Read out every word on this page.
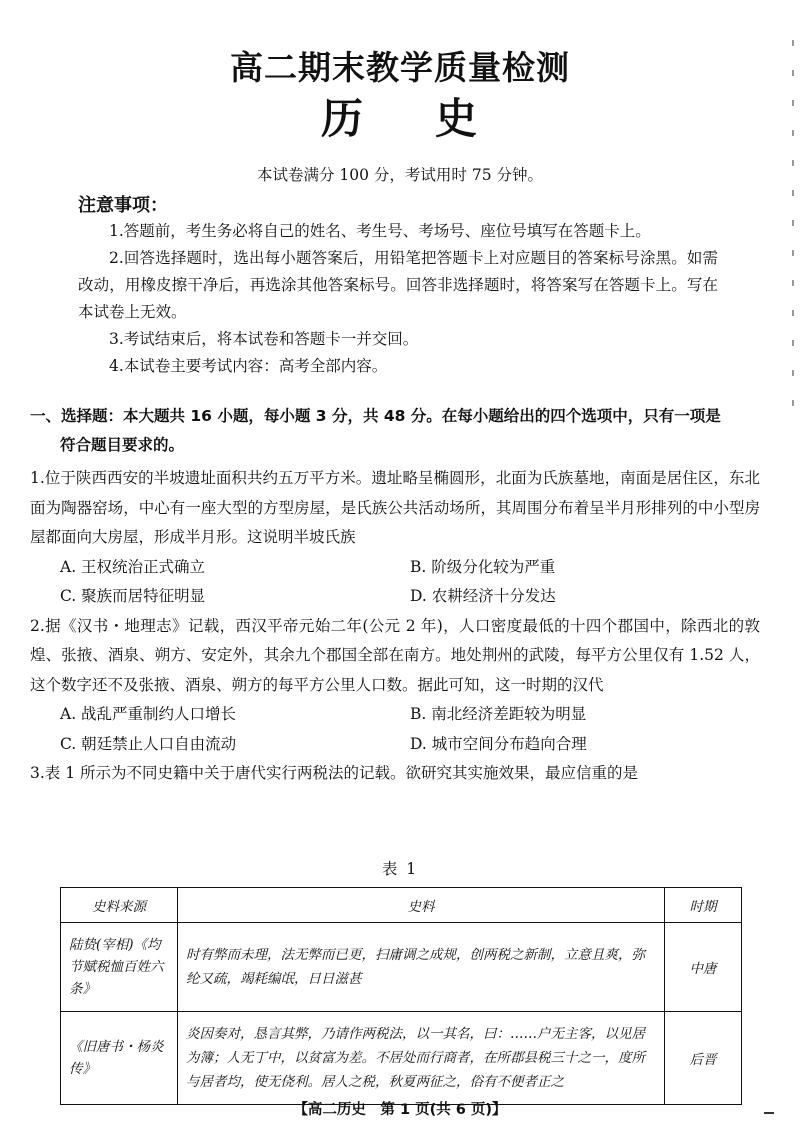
高二期末教学质量检测
历 史
本试卷满分 100 分，考试用时 75 分钟。
注意事项：

1.答题前，考生务必将自己的姓名、考生号、考场号、座位号填写在答题卡上。

2.回答选择题时，选出每小题答案后，用铅笔把答题卡上对应题目的答案标号涂黑。如需改动，用橡皮擦干净后，再选涂其他答案标号。回答非选择题时，将答案写在答题卡上。写在本试卷上无效。

3.考试结束后，将本试卷和答题卡一并交回。

4.本试卷主要考试内容：高考全部内容。

一、选择题：本大题共 16 小题，每小题 3 分，共 48 分。在每小题给出的四个选项中，只有一项是
符合题目要求的。

1.位于陕西西安的半坡遗址面积共约五万平方米。遗址略呈椭圆形，北面为氏族墓地，南面是居住区，东北面为陶器窑场，中心有一座大型的方型房屋，是氏族公共活动场所，其周围分布着呈半月形排列的中小型房屋都面向大房屋，形成半月形。这说明半坡氏族

A. 王权统治正式确立	B. 阶级分化较为严重
C. 聚族而居特征明显	D. 农耕经济十分发达

2.据《汉书・地理志》记载，西汉平帝元始二年(公元 2 年)，人口密度最低的十四个郡国中，除西北的敦煌、张掖、酒泉、朔方、安定外，其余九个郡国全部在南方。地处荆州的武陵，每平方公里仅有 1.52 人，这个数字还不及张掖、酒泉、朔方的每平方公里人口数。据此可知，这一时期的汉代

A. 战乱严重制约人口增长	B. 南北经济差距较为明显
C. 朝廷禁止人口自由流动	D. 城市空间分布趋向合理

3.表 1 所示为不同史籍中关于唐代实行两税法的记载。欲研究其实施效果，最应信重的是

表 1
史料来源	史料	时期
陆贽(宰相)《均节赋税恤百姓六条》	时有弊而未理，法无弊而已更，扫庸调之成规，创两税之新制，立意且爽，弥纶又疏，竭耗编氓，日日滋甚	中唐
《旧唐书・杨炎传》	炎因奏对，恳言其弊，乃请作两税法，以一其名，曰：……户无主客，以见居为簿；人无丁中，以贫富为差。不居处而行商者，在所郡县税三十之一，度所与居者均，使无侥利。居人之税，秋夏两征之，俗有不便者正之	后晋
【高二历史　第 1 页(共 6 页)】
